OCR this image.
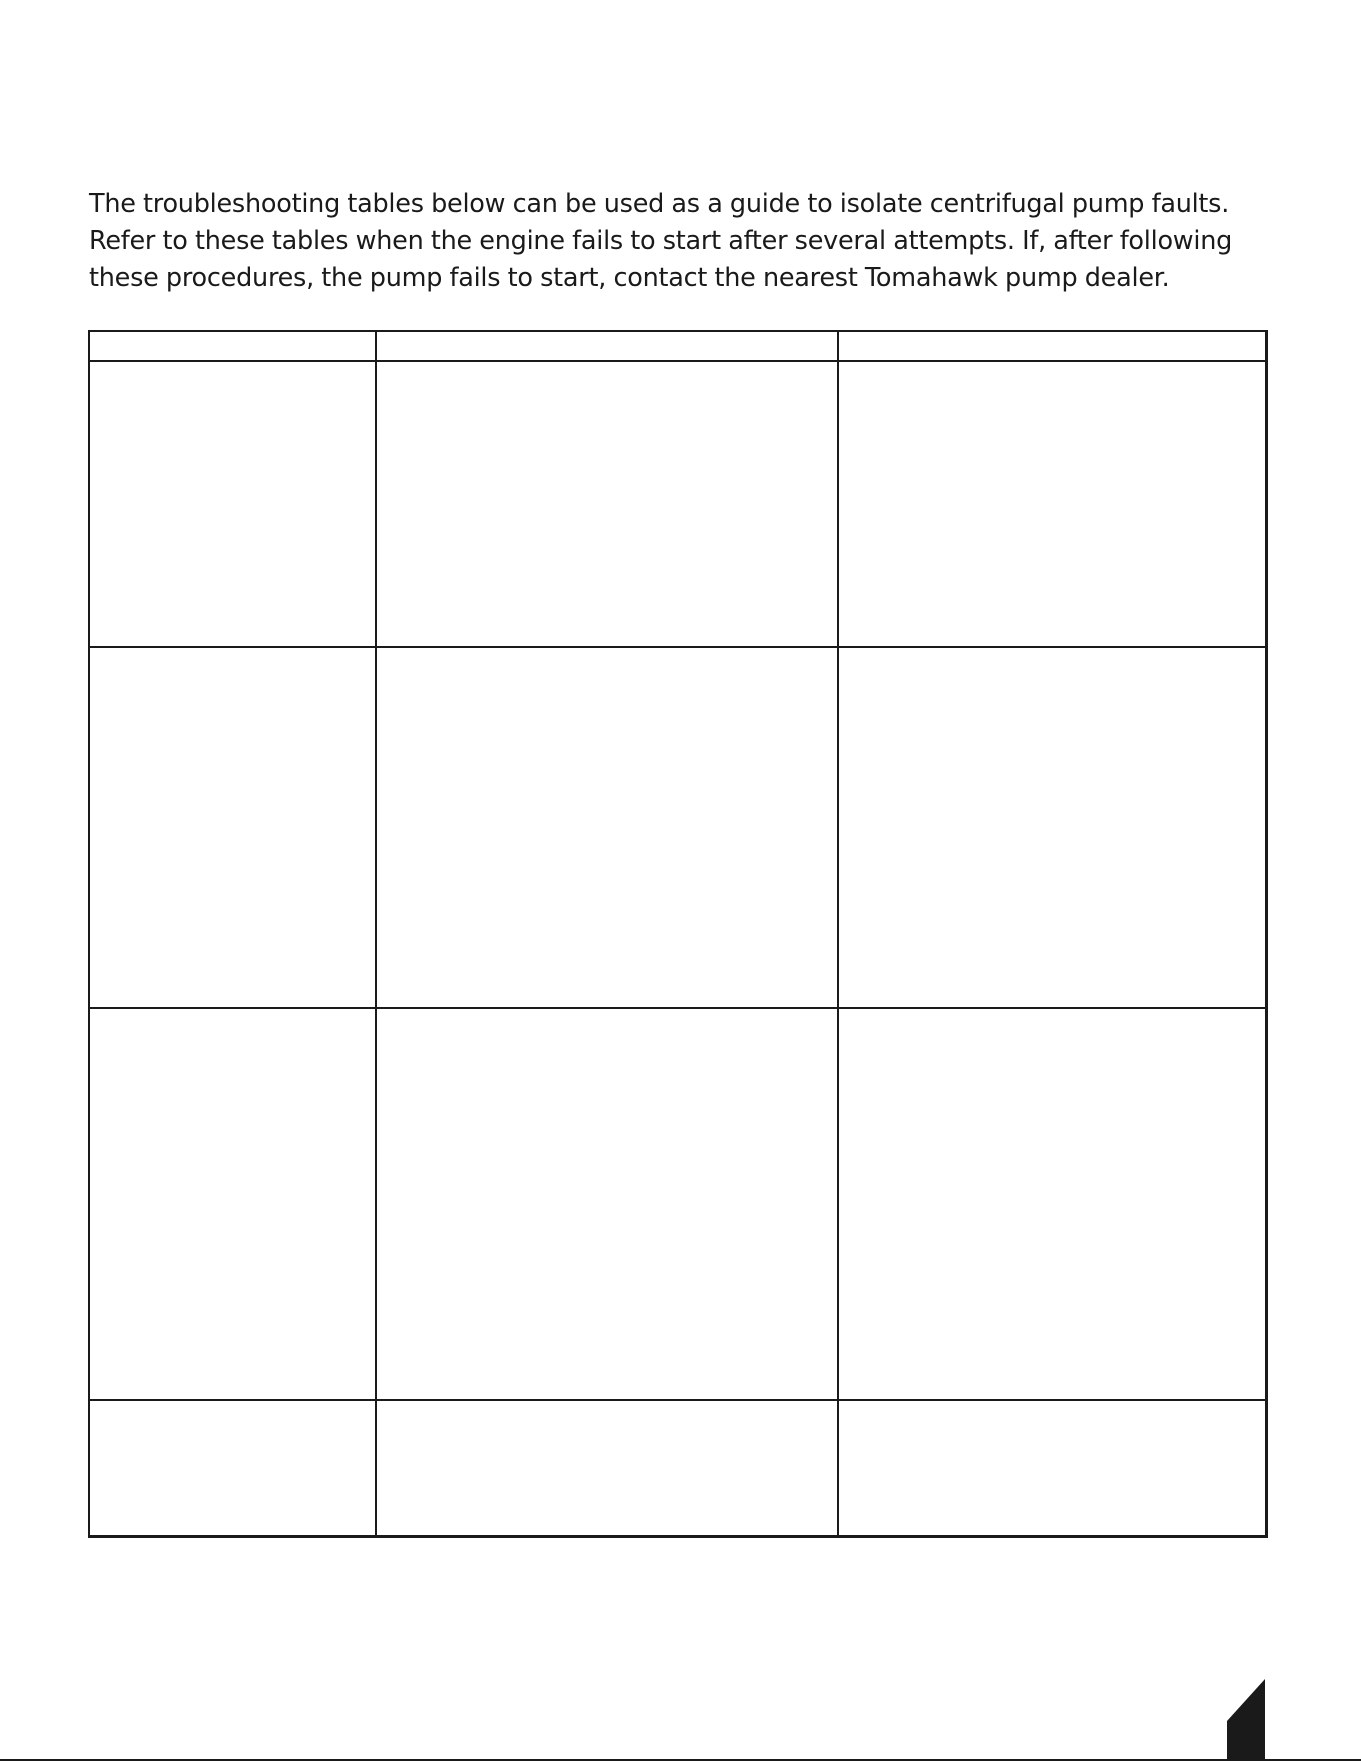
The troubleshooting tables below can be used as a guide to isolate centrifugal pump faults.
Refer to these tables when the engine fails to start after several attempts. If, after following
these procedures, the pump fails to start, contact the nearest Tomahawk pump dealer.
